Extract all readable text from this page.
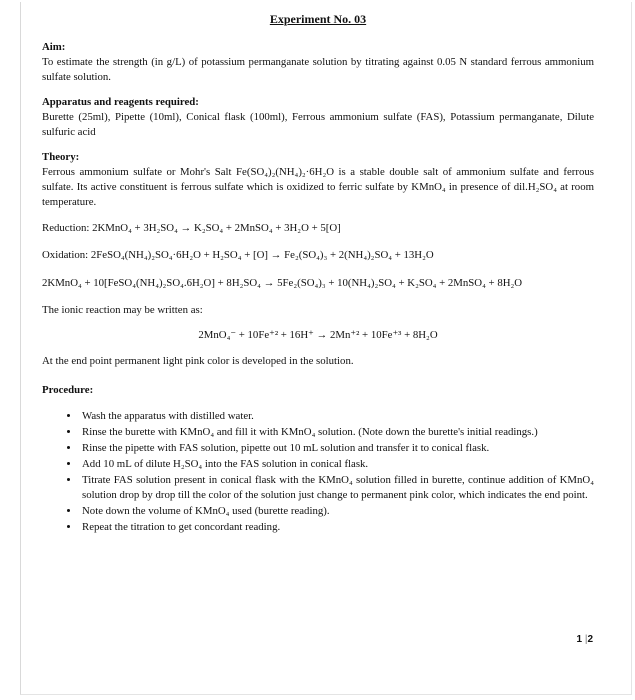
Experiment No. 03
Aim:

To estimate the strength (in g/L) of potassium permanganate solution by titrating against 0.05 N standard ferrous ammonium sulfate solution.

Apparatus and reagents required:

Burette (25ml), Pipette (10ml), Conical flask (100ml), Ferrous ammonium sulfate (FAS), Potassium permanganate, Dilute sulfuric acid

Theory:

Ferrous ammonium sulfate or Mohr's Salt Fe(SO₄)₂(NH₄)₂·6H₂O is a stable double salt of ammonium sulfate and ferrous sulfate. Its active constituent is ferrous sulfate which is oxidized to ferric sulfate by KMnO₄ in presence of dil.H₂SO₄ at room temperature.

Reduction: 2KMnO₄ + 3H₂SO₄ → K₂SO₄ + 2MnSO₄ + 3H₂O + 5[O]

Oxidation: 2FeSO₄(NH₄)₂SO₄·6H₂O + H₂SO₄ + [O] → Fe₂(SO₄)₃ + 2(NH₄)₂SO₄ + 13H₂O

2KMnO₄ + 10[FeSO₄(NH₄)₂SO₄.6H₂O] + 8H₂SO₄ → 5Fe₂(SO₄)₃ + 10(NH₄)₂SO₄ + K₂SO₄ + 2MnSO₄ + 8H₂O

The ionic reaction may be written as:

2MnO₄⁻ + 10Fe⁺² + 16H⁺ → 2Mn⁺² + 10Fe⁺³ + 8H₂O

At the end point permanent light pink color is developed in the solution.

Procedure:
• Wash the apparatus with distilled water.
• Rinse the burette with KMnO₄ and fill it with KMnO₄ solution. (Note down the burette's initial readings.)
• Rinse the pipette with FAS solution, pipette out 10 mL solution and transfer it to conical flask.
• Add 10 mL of dilute H₂SO₄ into the FAS solution in conical flask.
• Titrate FAS solution present in conical flask with the KMnO₄ solution filled in burette, continue addition of KMnO₄ solution drop by drop till the color of the solution just change to permanent pink color, which indicates the end point.
• Note down the volume of KMnO₄ used (burette reading).
• Repeat the titration to get concordant reading.
1 |2
